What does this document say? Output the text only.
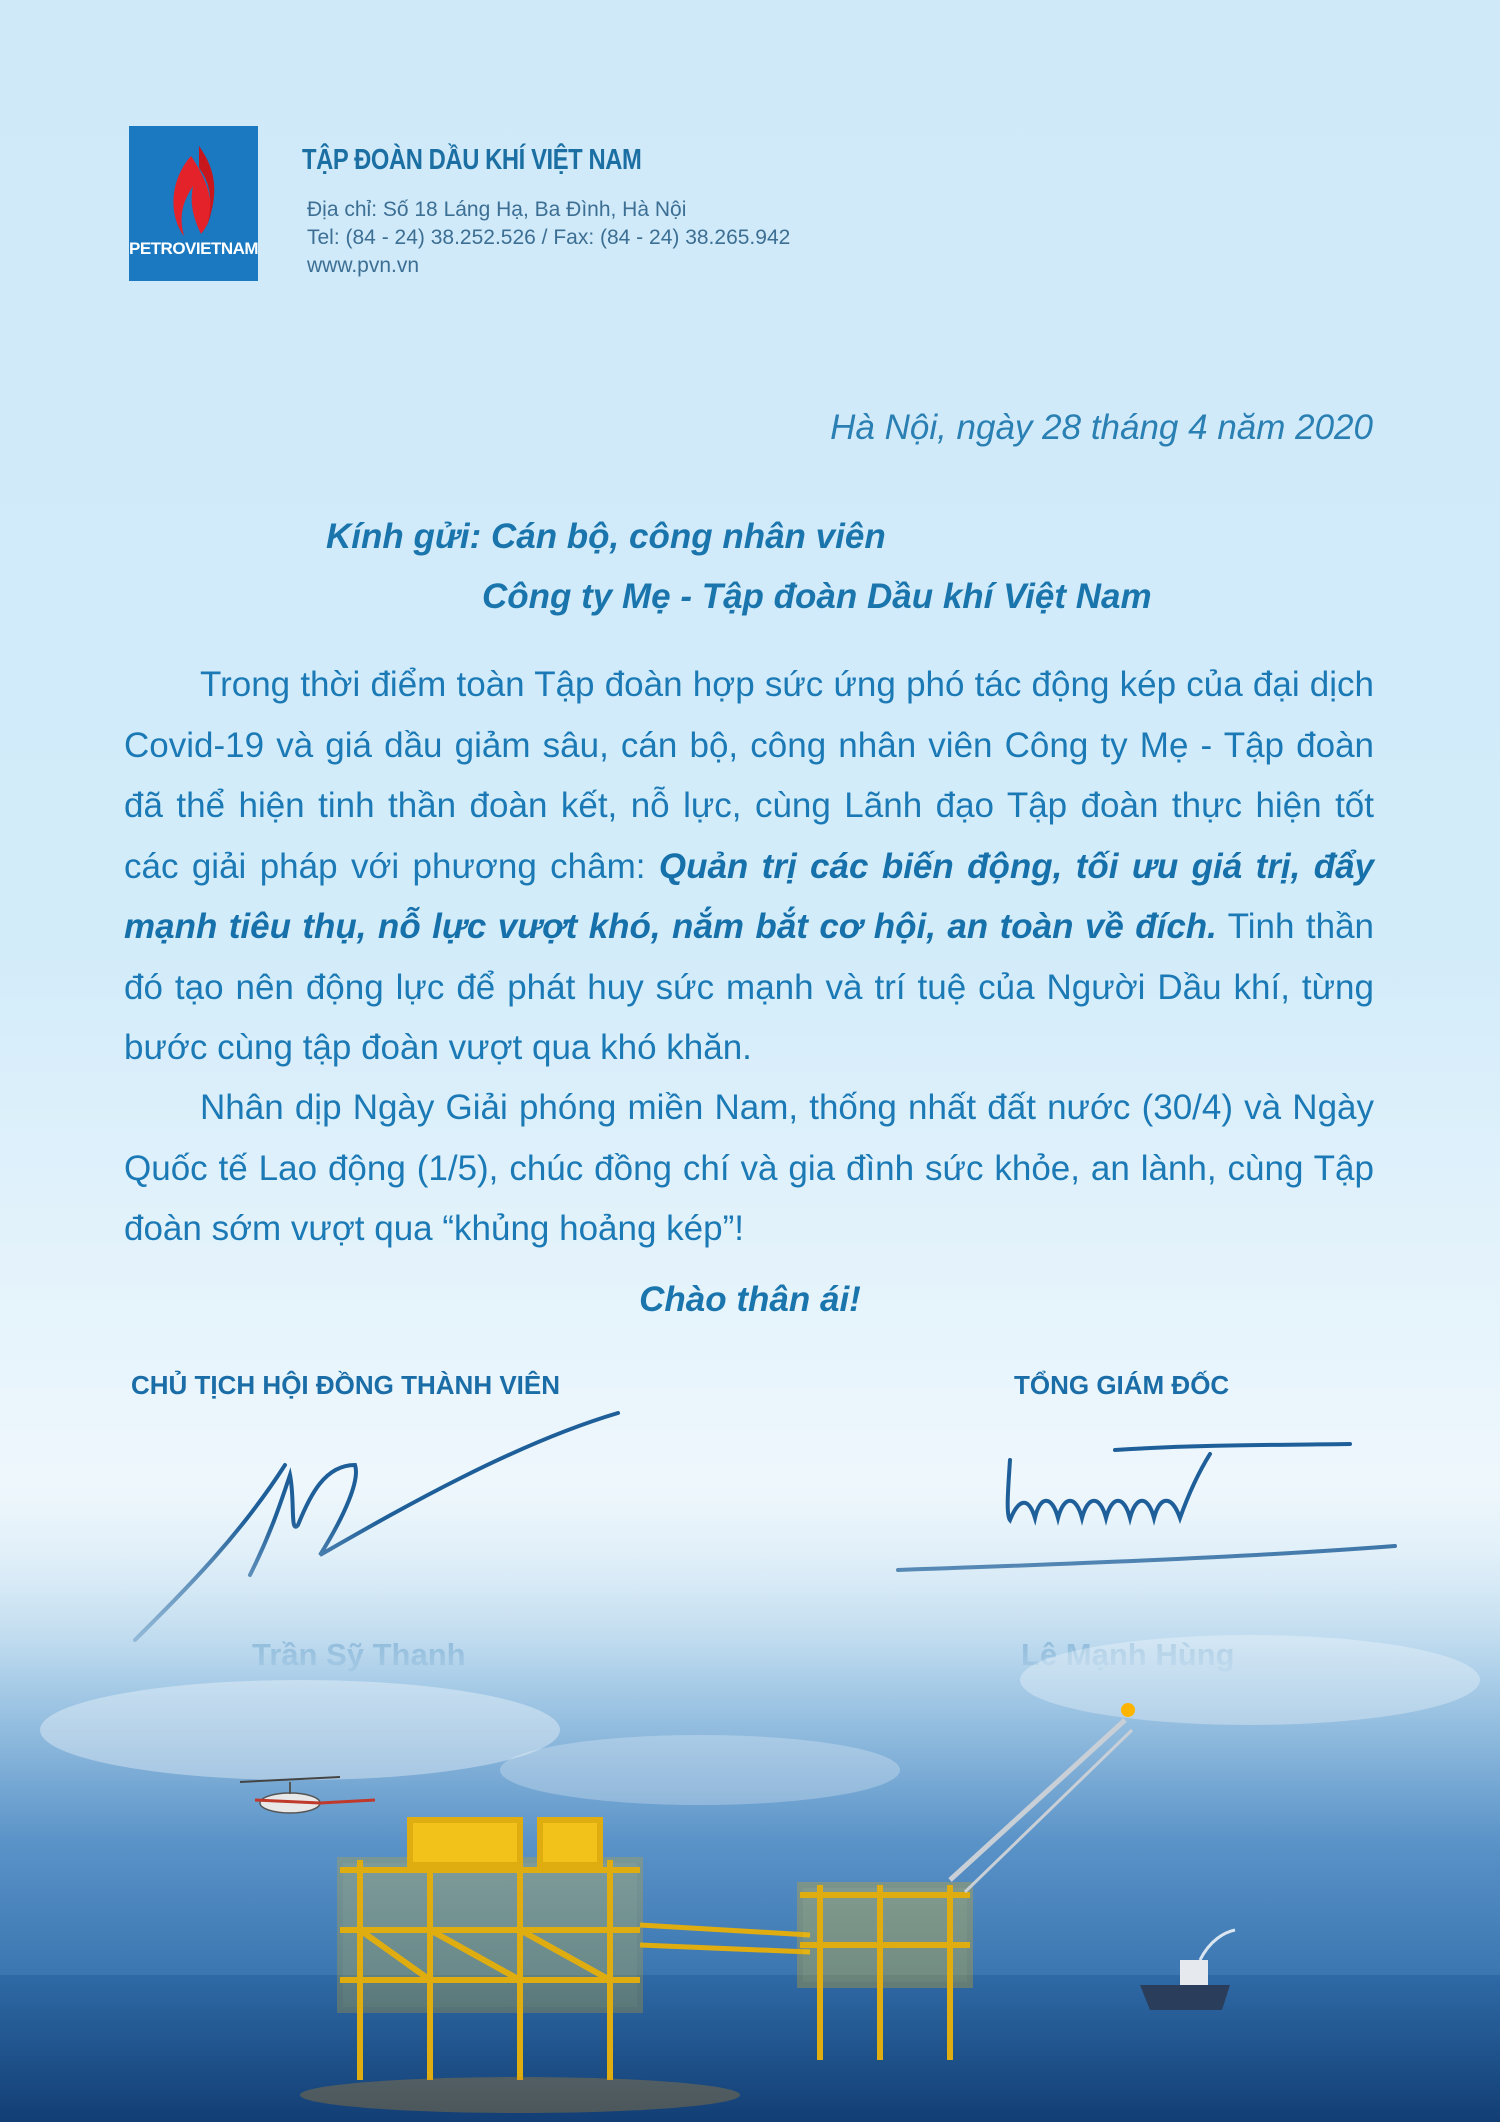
PETROVIETNAM
TẬP ĐOÀN DẦU KHÍ VIỆT NAM
Địa chỉ: Số 18 Láng Hạ, Ba Đình, Hà Nội
Tel: (84 - 24) 38.252.526 / Fax: (84 - 24) 38.265.942
www.pvn.vn
Hà Nội, ngày 28 tháng 4 năm 2020
Kính gửi: Cán bộ, công nhân viên
Công ty Mẹ - Tập đoàn Dầu khí Việt Nam

Trong thời điểm toàn Tập đoàn hợp sức ứng phó tác động kép của đại dịch Covid-19 và giá dầu giảm sâu, cán bộ, công nhân viên Công ty Mẹ - Tập đoàn đã thể hiện tinh thần đoàn kết, nỗ lực, cùng Lãnh đạo Tập đoàn thực hiện tốt các giải pháp với phương châm: Quản trị các biến động, tối ưu giá trị, đẩy mạnh tiêu thụ, nỗ lực vượt khó, nắm bắt cơ hội, an toàn về đích. Tinh thần đó tạo nên động lực để phát huy sức mạnh và trí tuệ của Người Dầu khí, từng bước cùng tập đoàn vượt qua khó khăn.

Nhân dịp Ngày Giải phóng miền Nam, thống nhất đất nước (30/4) và Ngày Quốc tế Lao động (1/5), chúc đồng chí và gia đình sức khỏe, an lành, cùng Tập đoàn sớm vượt qua “khủng hoảng kép”!

Chào thân ái!
CHỦ TỊCH HỘI ĐỒNG THÀNH VIÊN	TỔNG GIÁM ĐỐC
